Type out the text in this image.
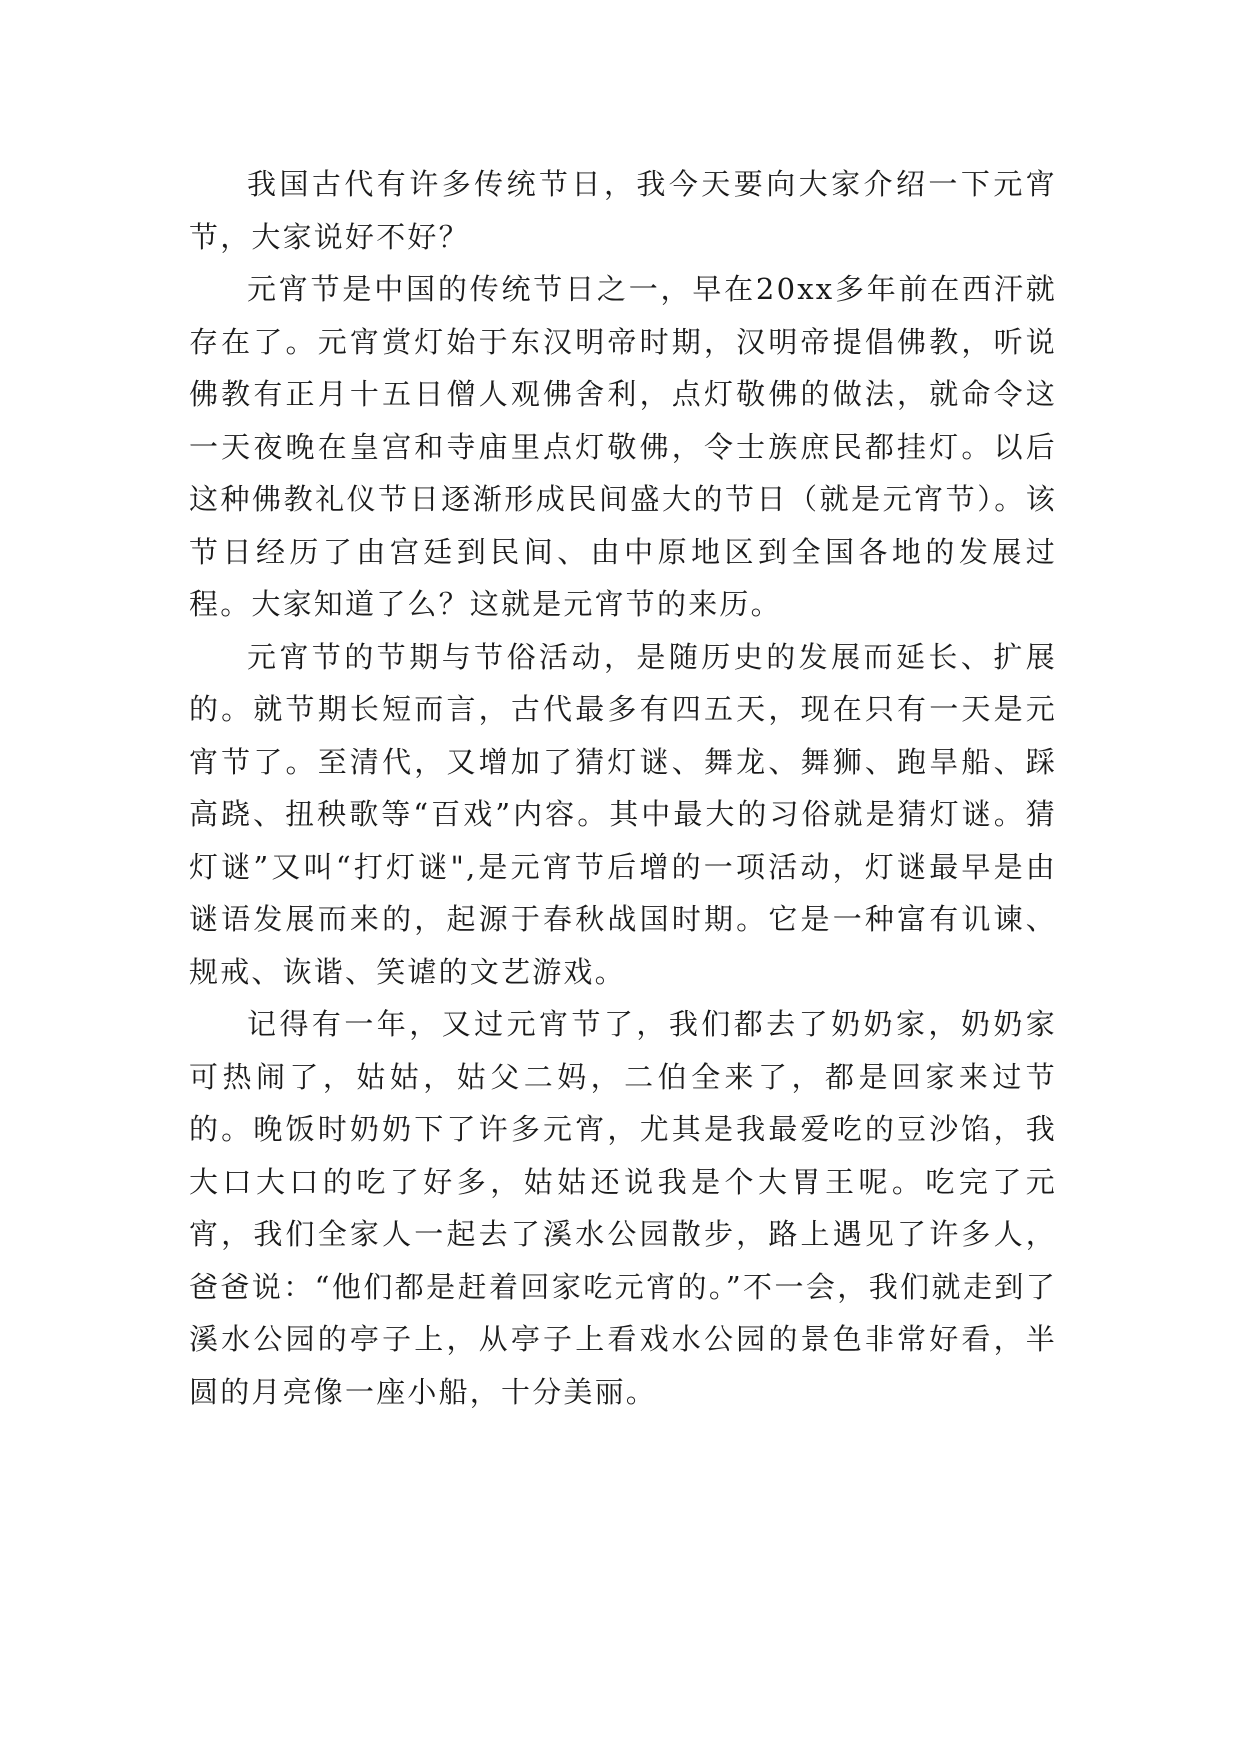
我国古代有许多传统节日，我今天要向大家介绍一下元宵节，大家说好不好？

元宵节是中国的传统节日之一，早在20xx多年前在西汗就存在了。元宵赏灯始于东汉明帝时期，汉明帝提倡佛教，听说佛教有正月十五日僧人观佛舍利，点灯敬佛的做法，就命令这一天夜晚在皇宫和寺庙里点灯敬佛，令士族庶民都挂灯。以后这种佛教礼仪节日逐渐形成民间盛大的节日（就是元宵节）。该节日经历了由宫廷到民间、由中原地区到全国各地的发展过程。大家知道了么？这就是元宵节的来历。

元宵节的节期与节俗活动，是随历史的发展而延长、扩展的。就节期长短而言，古代最多有四五天，现在只有一天是元宵节了。至清代，又增加了猜灯谜、舞龙、舞狮、跑旱船、踩高跷、扭秧歌等“百戏”内容。其中最大的习俗就是猜灯谜。猜灯谜”又叫“打灯谜",是元宵节后增的一项活动，灯谜最早是由谜语发展而来的，起源于春秋战国时期。它是一种富有讥谏、规戒、诙谐、笑谑的文艺游戏。

记得有一年，又过元宵节了，我们都去了奶奶家，奶奶家可热闹了，姑姑，姑父二妈，二伯全来了，都是回家来过节的。晚饭时奶奶下了许多元宵，尤其是我最爱吃的豆沙馅，我大口大口的吃了好多，姑姑还说我是个大胃王呢。吃完了元宵，我们全家人一起去了溪水公园散步，路上遇见了许多人，爸爸说：“他们都是赶着回家吃元宵的。”不一会，我们就走到了溪水公园的亭子上，从亭子上看戏水公园的景色非常好看，半圆的月亮像一座小船，十分美丽。
